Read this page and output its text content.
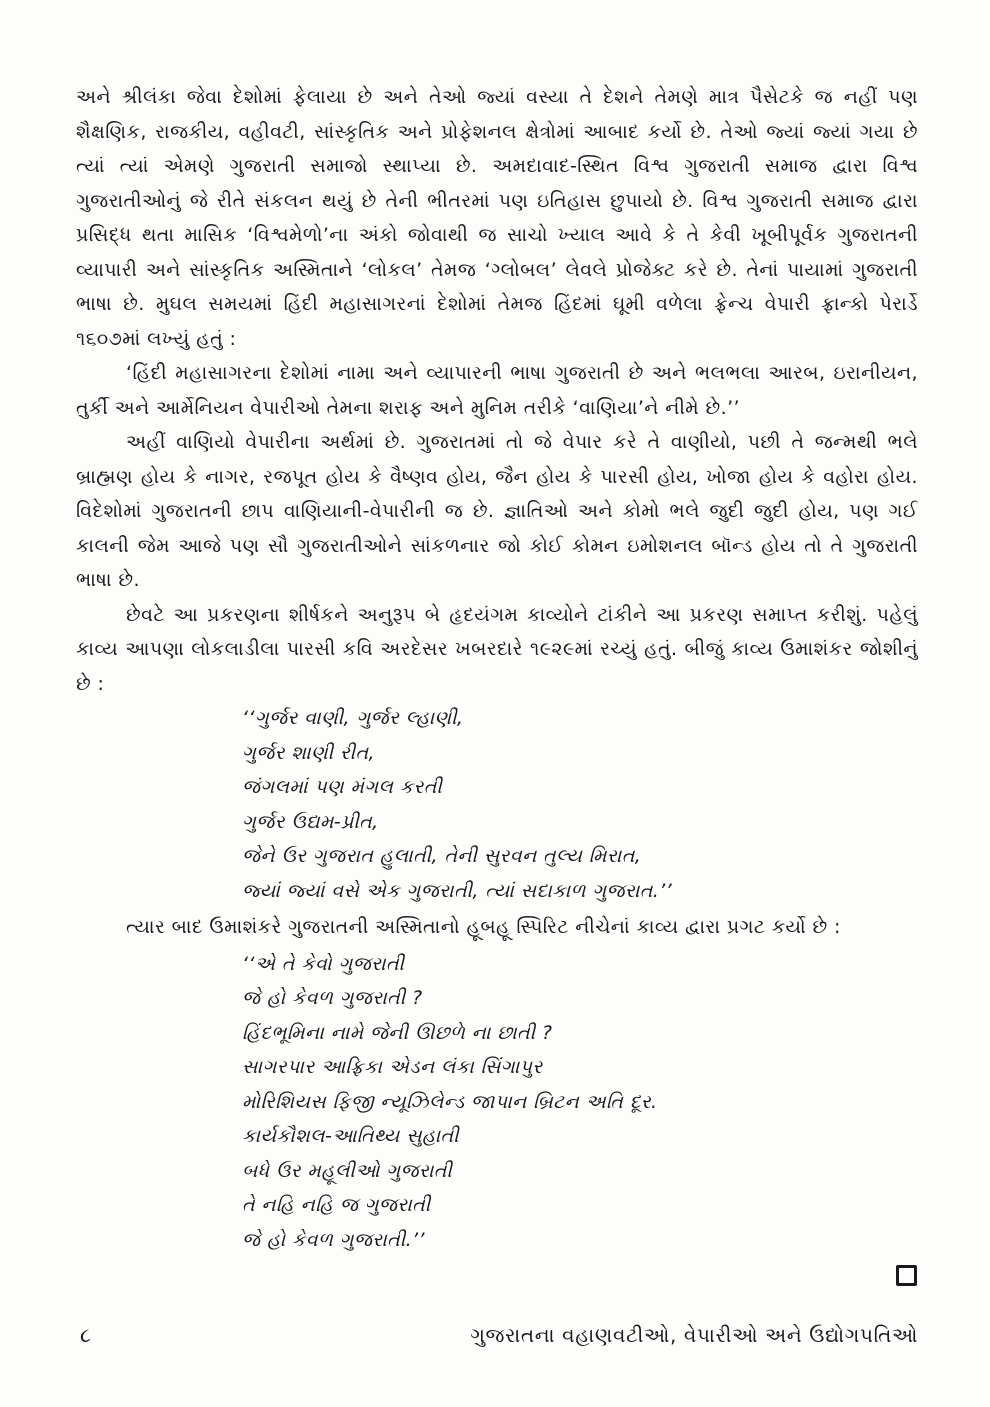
અને શ્રીલંકા જેવા દેશોમાં ફેલાયા છે અને તેઓ જ્યાં વસ્યા તે દેશને તેમણે માત્ર પૈસેટકે જ નહીં પણ શૈક્ષણિક, રાજકીય, વહીવટી, સાંસ્કૃતિક અને પ્રોફેશનલ ક્ષેત્રોમાં આબાદ કર્યો છે. તેઓ જ્યાં જ્યાં ગયા છે ત્યાં ત્યાં એમણે ગુજરાતી સમાજો સ્થાપ્યા છે. અમદાવાદ-સ્થિત વિશ્વ ગુજરાતી સમાજ દ્વારા વિશ્વ ગુજરાતીઓનું જે રીતે સંકલન થયું છે તેની ભીતરમાં પણ ઇતિહાસ છુપાયો છે. વિશ્વ ગુજરાતી સમાજ દ્વારા પ્રસિદ્ધ થતા માસિક ‘વિશ્વમેળો’ના અંકો જોવાથી જ સાચો ખ્યાલ આવે કે તે કેવી ખૂબીપૂર્વક ગુજરાતની વ્યાપારી અને સાંસ્કૃતિક અસ્મિતાને ‘લોકલ’ તેમજ ‘ગ્લોબલ’ લેવલે પ્રોજેક્ટ કરે છે. તેનાં પાયામાં ગુજરાતી ભાષા છે. મુઘલ સમયમાં હિંદી મહાસાગરનાં દેશોમાં તેમજ હિંદમાં ઘૂમી વળેલા ફ્રેન્ચ વેપારી ફ્રાન્કો પેરાર્ડે ૧૬૦૭માં લખ્યું હતું :

‘હિંદી મહાસાગરના દેશોમાં નામા અને વ્યાપારની ભાષા ગુજરાતી છે અને ભલભલા આરબ, ઇરાનીયન, તુર્કી અને આર્મેનિયન વેપારીઓ તેમના શરાફ અને મુનિમ તરીકે ‘વાણિયા’ને નીમે છે.’’

અહીં વાણિયો વેપારીના અર્થમાં છે. ગુજરાતમાં તો જે વેપાર કરે તે વાણીયો, પછી તે જન્મથી ભલે બ્રાહ્મણ હોય કે નાગર, રજપૂત હોય કે વૈષ્ણવ હોય, જૈન હોય કે પારસી હોય, ખોજા હોય કે વહોરા હોય. વિદેશોમાં ગુજરાતની છાપ વાણિયાની-વેપારીની જ છે. જ્ઞાતિઓ અને કોમો ભલે જુદી જુદી હોય, પણ ગઈ કાલની જેમ આજે પણ સૌ ગુજરાતીઓને સાંકળનાર જો કોઈ કોમન ઇમોશનલ બૉન્ડ હોય તો તે ગુજરાતી ભાષા છે.

છેવટે આ પ્રકરણના શીર્ષકને અનુરૂપ બે હૃદયંગમ કાવ્યોને ટાંકીને આ પ્રકરણ સમાપ્ત કરીશું. પહેલું કાવ્ય આપણા લોકલાડીલા પારસી કવિ અરદેસર ખબરદારે ૧૯૨૯માં રચ્યું હતું. બીજું કાવ્ય ઉમાશંકર જોશીનું છે :

‘‘ગુર્જર વાણી, ગુર્જર લ્હાણી,
ગુર્જર શાણી રીત,
જંગલમાં પણ મંગલ કરતી
ગુર્જર ઉદ્યમ-પ્રીત,
જેને ઉર ગુજરાત હુલાતી, તેની સુરવન તુલ્ય મિરાત,
જ્યાં જ્યાં વસે એક ગુજરાતી, ત્યાં સદાકાળ ગુજરાત.’’

ત્યાર બાદ ઉમાશંકરે ગુજરાતની અસ્મિતાનો હૂબહૂ સ્પિરિટ નીચેનાં કાવ્ય દ્વારા પ્રગટ કર્યો છે :

‘‘એ તે કેવો ગુજરાતી
જે હો કેવળ ગુજરાતી ?
હિંદભૂમિના નામે જેની ઊછળે ના છાતી ?
સાગરપાર આફ્રિકા એડન લંકા સિંગાપુર
મોરિશિયસ ફિજી ન્યૂઝિલેન્ડ જાપાન બ્રિટન અતિ દૂર.
કાર્યકૌશલ-આતિથ્ય સુહાતી
બધે ઉર મહૂલીઓ ગુજરાતી
તે નહિ નહિ જ ગુજરાતી
જે હો કેવળ ગુજરાતી.’’
૮	ગુજરાતના વહાણવટીઓ, વેપારીઓ અને ઉદ્યોગપતિઓ
